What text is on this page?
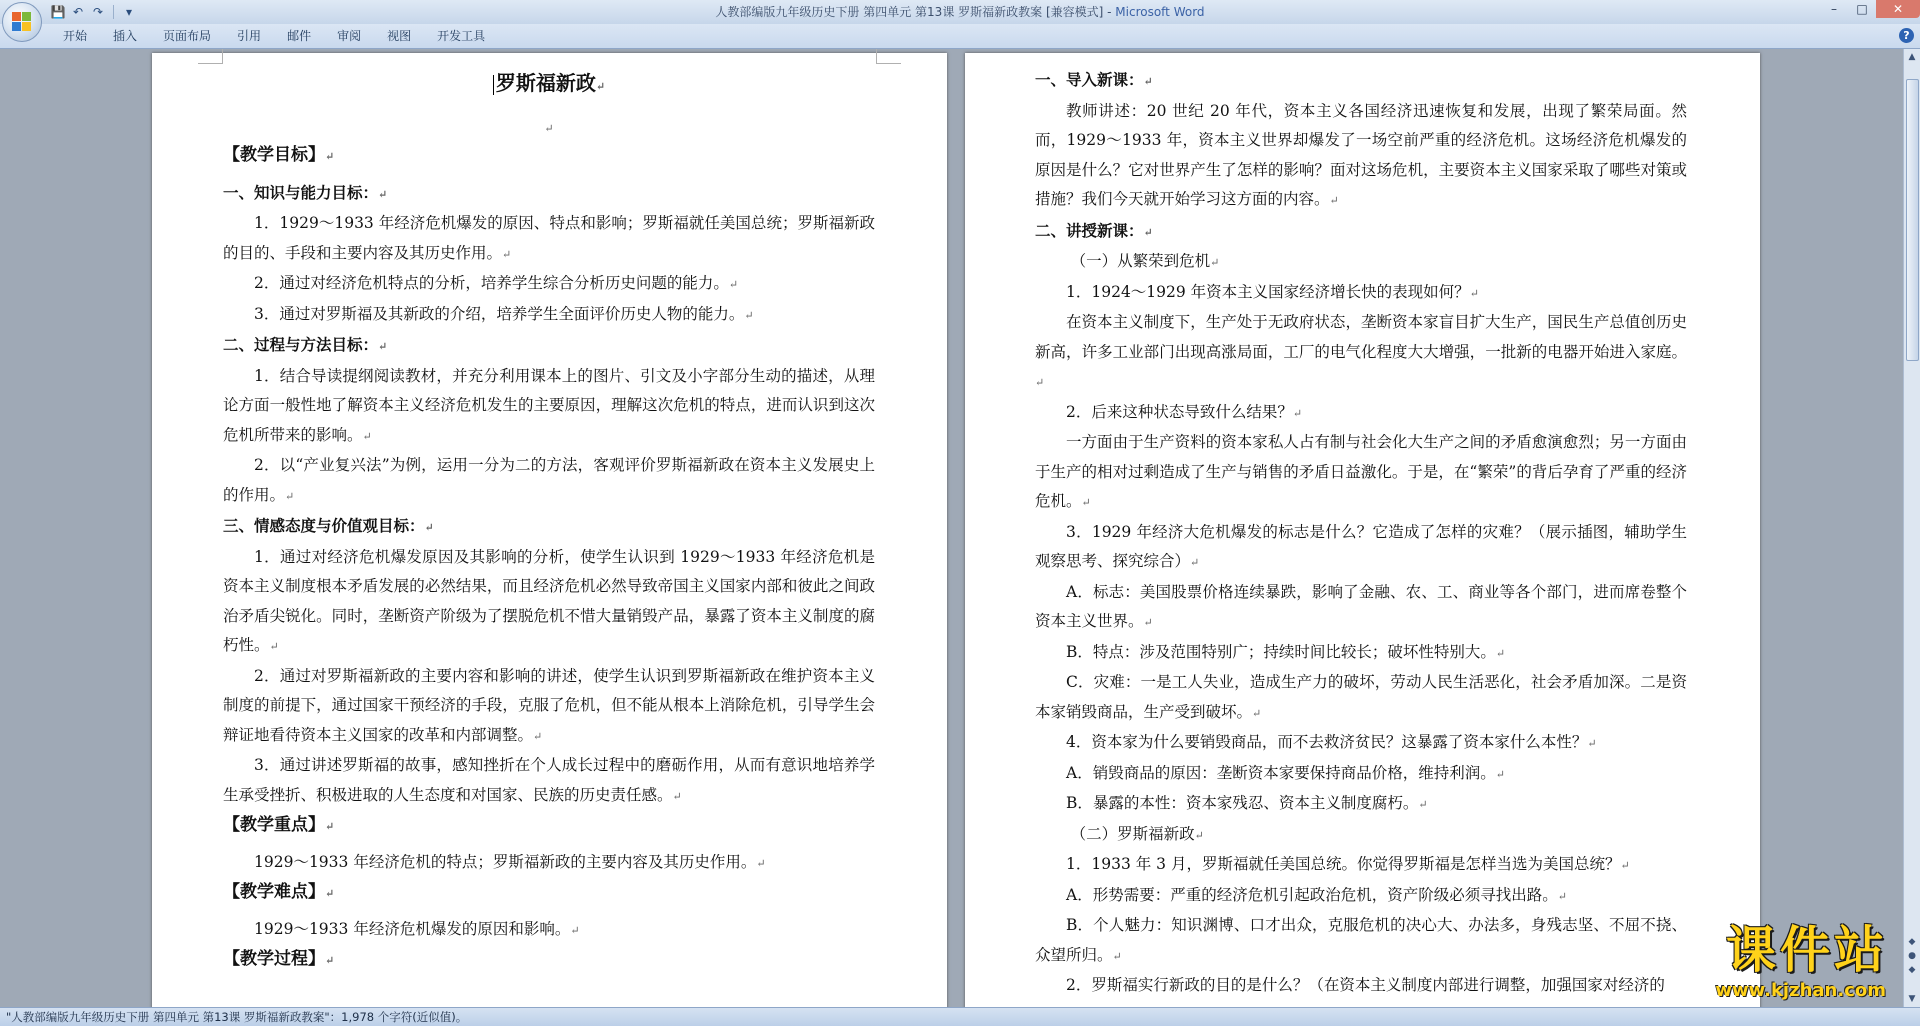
人教部编版九年级历史下册 第四单元 第13课 罗斯福新政教案 [兼容模式] - Microsoft Word
💾 ↶ ↷	▾	–	□	✕
开始	插入	页面布局	引用	邮件	审阅	视图	开发工具	?

罗斯福新政↵

↵

【教学目标】↵

一、知识与能力目标：↵

1．1929～1933 年经济危机爆发的原因、特点和影响；罗斯福就任美国总统；罗斯福新政的目的、手段和主要内容及其历史作用。↵

2．通过对经济危机特点的分析，培养学生综合分析历史问题的能力。↵

3．通过对罗斯福及其新政的介绍，培养学生全面评价历史人物的能力。↵

二、过程与方法目标：↵

1．结合导读提纲阅读教材，并充分利用课本上的图片、引文及小字部分生动的描述，从理论方面一般性地了解资本主义经济危机发生的主要原因，理解这次危机的特点，进而认识到这次危机所带来的影响。↵

2．以“产业复兴法”为例，运用一分为二的方法，客观评价罗斯福新政在资本主义发展史上的作用。↵

三、情感态度与价值观目标：↵

1．通过对经济危机爆发原因及其影响的分析，使学生认识到 1929～1933 年经济危机是资本主义制度根本矛盾发展的必然结果，而且经济危机必然导致帝国主义国家内部和彼此之间政治矛盾尖锐化。同时，垄断资产阶级为了摆脱危机不惜大量销毁产品，暴露了资本主义制度的腐朽性。↵

2．通过对罗斯福新政的主要内容和影响的讲述，使学生认识到罗斯福新政在维护资本主义制度的前提下，通过国家干预经济的手段，克服了危机，但不能从根本上消除危机，引导学生会辩证地看待资本主义国家的改革和内部调整。↵

3．通过讲述罗斯福的故事，感知挫折在个人成长过程中的磨砺作用，从而有意识地培养学生承受挫折、积极进取的人生态度和对国家、民族的历史责任感。↵

【教学重点】↵

1929～1933 年经济危机的特点；罗斯福新政的主要内容及其历史作用。↵

【教学难点】↵

1929～1933 年经济危机爆发的原因和影响。↵

【教学过程】↵

一、导入新课：↵

教师讲述：20 世纪 20 年代，资本主义各国经济迅速恢复和发展，出现了繁荣局面。然而，1929～1933 年，资本主义世界却爆发了一场空前严重的经济危机。这场经济危机爆发的原因是什么？它对世界产生了怎样的影响？面对这场危机，主要资本主义国家采取了哪些对策或措施？我们今天就开始学习这方面的内容。↵

二、讲授新课：↵

（一）从繁荣到危机↵

1．1924～1929 年资本主义国家经济增长快的表现如何？↵

在资本主义制度下，生产处于无政府状态，垄断资本家盲目扩大生产，国民生产总值创历史新高，许多工业部门出现高涨局面，工厂的电气化程度大大增强，一批新的电器开始进入家庭。↵

2．后来这种状态导致什么结果？↵

一方面由于生产资料的资本家私人占有制与社会化大生产之间的矛盾愈演愈烈；另一方面由于生产的相对过剩造成了生产与销售的矛盾日益激化。于是，在“繁荣”的背后孕育了严重的经济危机。↵

3．1929 年经济大危机爆发的标志是什么？它造成了怎样的灾难？（展示插图，辅助学生观察思考、探究综合）↵

A．标志：美国股票价格连续暴跌，影响了金融、农、工、商业等各个部门，进而席卷整个资本主义世界。↵

B．特点：涉及范围特别广；持续时间比较长；破坏性特别大。↵

C．灾难：一是工人失业，造成生产力的破坏，劳动人民生活恶化，社会矛盾加深。二是资本家销毁商品，生产受到破坏。↵

4．资本家为什么要销毁商品，而不去救济贫民？这暴露了资本家什么本性？↵

A．销毁商品的原因：垄断资本家要保持商品价格，维持利润。↵

B．暴露的本性：资本家残忍、资本主义制度腐朽。↵

（二）罗斯福新政↵

1．1933 年 3 月，罗斯福就任美国总统。你觉得罗斯福是怎样当选为美国总统？↵

A．形势需要：严重的经济危机引起政治危机，资产阶级必须寻找出路。↵

B．个人魅力：知识渊博、口才出众，克服危机的决心大、办法多，身残志坚、不屈不挠、众望所归。↵

2．罗斯福实行新政的目的是什么？（在资本主义制度内部进行调整，加强国家对经济的

▲
◆
●
◆
▼
"人教部编版九年级历史下册 第四单元 第13课 罗斯福新政教案"：1,978 个字符(近似值)。
课件站
www.kjzhan.com
